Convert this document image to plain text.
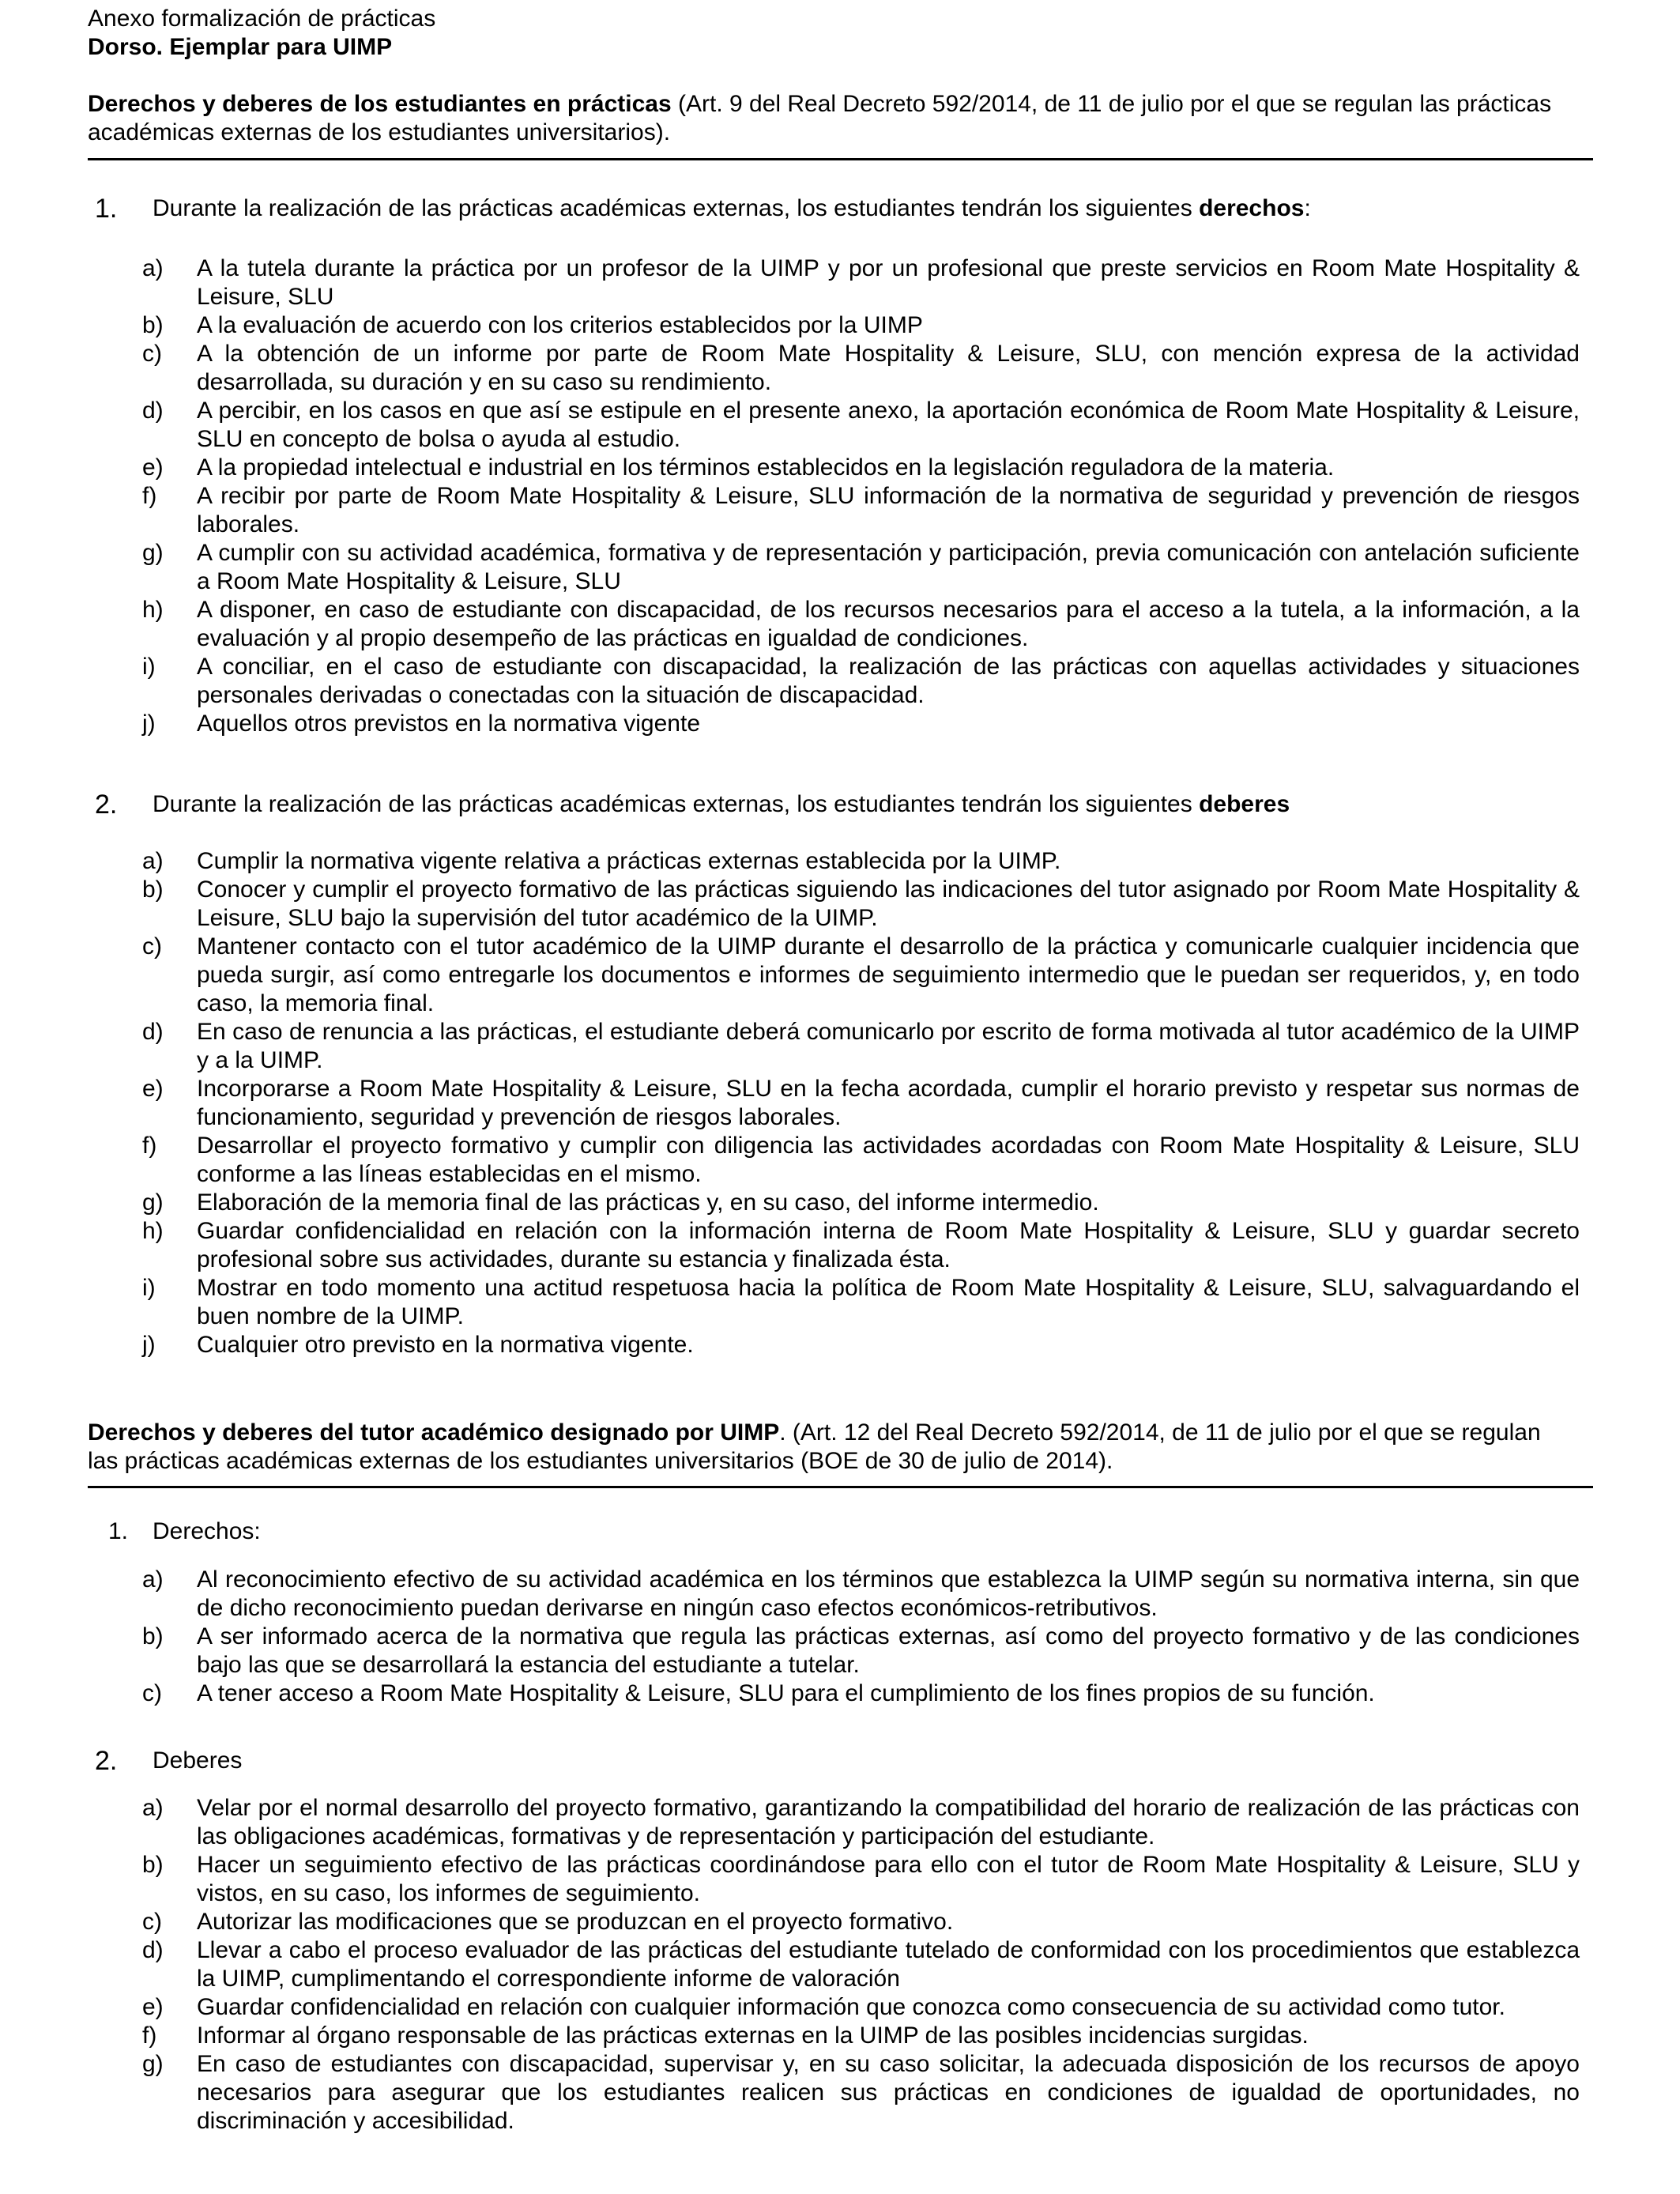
Anexo formalización de prácticas
Dorso. Ejemplar para UIMP
Derechos y deberes de los estudiantes en prácticas (Art. 9 del Real Decreto 592/2014, de 11 de julio por el que se regulan las prácticas académicas externas de los estudiantes universitarios).
1.	Durante la realización de las prácticas académicas externas, los estudiantes tendrán los siguientes derechos:
a) A la tutela durante la práctica por un profesor de la UIMP y por un profesional que preste servicios en Room Mate Hospitality & Leisure, SLU
b) A la evaluación de acuerdo con los criterios establecidos por la UIMP
c) A la obtención de un informe por parte de Room Mate Hospitality & Leisure, SLU, con mención expresa de la actividad desarrollada, su duración y en su caso su rendimiento.
d) A percibir, en los casos en que así se estipule en el presente anexo, la aportación económica de Room Mate Hospitality & Leisure, SLU en concepto de bolsa o ayuda al estudio.
e) A la propiedad intelectual e industrial en los términos establecidos en la legislación reguladora de la materia.
f) A recibir por parte de Room Mate Hospitality & Leisure, SLU información de la normativa de seguridad y prevención de riesgos laborales.
g) A cumplir con su actividad académica, formativa y de representación y participación, previa comunicación con antelación suficiente a Room Mate Hospitality & Leisure, SLU
h) A disponer, en caso de estudiante con discapacidad, de los recursos necesarios para el acceso a la tutela, a la información, a la evaluación y al propio desempeño de las prácticas en igualdad de condiciones.
i) A conciliar, en el caso de estudiante con discapacidad, la realización de las prácticas con aquellas actividades y situaciones personales derivadas o conectadas con la situación de discapacidad.
j) Aquellos otros previstos en la normativa vigente
2.	Durante la realización de las prácticas académicas externas, los estudiantes tendrán los siguientes deberes
a) Cumplir la normativa vigente relativa a prácticas externas establecida por la UIMP.
b) Conocer y cumplir el proyecto formativo de las prácticas siguiendo las indicaciones del tutor asignado por Room Mate Hospitality & Leisure, SLU bajo la supervisión del tutor académico de la UIMP.
c) Mantener contacto con el tutor académico de la UIMP durante el desarrollo de la práctica y comunicarle cualquier incidencia que pueda surgir, así como entregarle los documentos e informes de seguimiento intermedio que le puedan ser requeridos, y, en todo caso, la memoria final.
d) En caso de renuncia a las prácticas, el estudiante deberá comunicarlo por escrito de forma motivada al tutor académico de la UIMP y a la UIMP.
e) Incorporarse a Room Mate Hospitality & Leisure, SLU en la fecha acordada, cumplir el horario previsto y respetar sus normas de funcionamiento, seguridad y prevención de riesgos laborales.
f) Desarrollar el proyecto formativo y cumplir con diligencia las actividades acordadas con Room Mate Hospitality & Leisure, SLU conforme a las líneas establecidas en el mismo.
g) Elaboración de la memoria final de las prácticas y, en su caso, del informe intermedio.
h) Guardar confidencialidad en relación con la información interna de Room Mate Hospitality & Leisure, SLU y guardar secreto profesional sobre sus actividades, durante su estancia y finalizada ésta.
i) Mostrar en todo momento una actitud respetuosa hacia la política de Room Mate Hospitality & Leisure, SLU, salvaguardando el buen nombre de la UIMP.
j) Cualquier otro previsto en la normativa vigente.
Derechos y deberes del tutor académico designado por UIMP. (Art. 12 del Real Decreto 592/2014, de 11 de julio por el que se regulan las prácticas académicas externas de los estudiantes universitarios (BOE de 30 de julio de 2014).
1.	Derechos:
a) Al reconocimiento efectivo de su actividad académica en los términos que establezca la UIMP según su normativa interna, sin que de dicho reconocimiento puedan derivarse en ningún caso efectos económicos-retributivos.
b) A ser informado acerca de la normativa que regula las prácticas externas, así como del proyecto formativo y de las condiciones bajo las que se desarrollará la estancia del estudiante a tutelar.
c) A tener acceso a Room Mate Hospitality & Leisure, SLU para el cumplimiento de los fines propios de su función.
2.	Deberes
a) Velar por el normal desarrollo del proyecto formativo, garantizando la compatibilidad del horario de realización de las prácticas con las obligaciones académicas, formativas y de representación y participación del estudiante.
b) Hacer un seguimiento efectivo de las prácticas coordinándose para ello con el tutor de Room Mate Hospitality & Leisure, SLU y vistos, en su caso, los informes de seguimiento.
c) Autorizar las modificaciones que se produzcan en el proyecto formativo.
d) Llevar a cabo el proceso evaluador de las prácticas del estudiante tutelado de conformidad con los procedimientos que establezca la UIMP, cumplimentando el correspondiente informe de valoración
e) Guardar confidencialidad en relación con cualquier información que conozca como consecuencia de su actividad como tutor.
f) Informar al órgano responsable de las prácticas externas en la UIMP de las posibles incidencias surgidas.
g) En caso de estudiantes con discapacidad, supervisar y, en su caso solicitar, la adecuada disposición de los recursos de apoyo necesarios para asegurar que los estudiantes realicen sus prácticas en condiciones de igualdad de oportunidades, no discriminación y accesibilidad.
